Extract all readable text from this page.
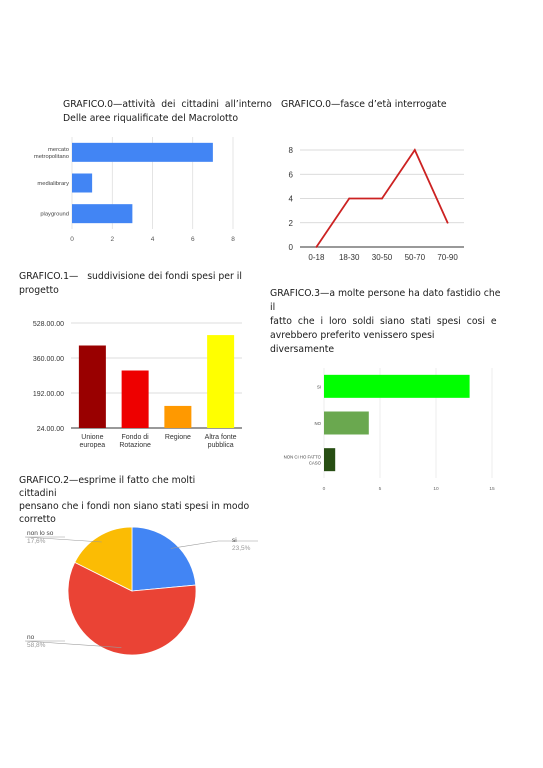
GRAFICO.0—attività  dei  cittadini  all’interno
Delle aree riqualificate del Macrolotto
GRAFICO.0—fasce d’età interrogate
GRAFICO.1—   suddivisione dei fondi spesi per il
progetto	GRAFICO.3—a molte persone ha dato fastidio che il
fatto  che  i  loro  soldi  siano  stati  spesi  cosi  e
avrebbero preferito venissero spesi
diversamente
GRAFICO.2—esprime il fatto che molti
cittadini
pensano che i fondi non siano stati spesi in modo
corretto
0	2	4	6	8
mercato
metropolitano
medialibrary
playground
0
2
4
6
8
0-18 18-30 30-50 50-70 70-90
528.00.00
360.00.00
192.00.00
24.00.00
Unione
europea
Fondo di
Rotazione
Regione Altra fonte
pubblica
0	5	10	15
SI
NO
NON CI HO FATTO
CASO
si
23,5%
no
58,8%
non lo so
17,6%
